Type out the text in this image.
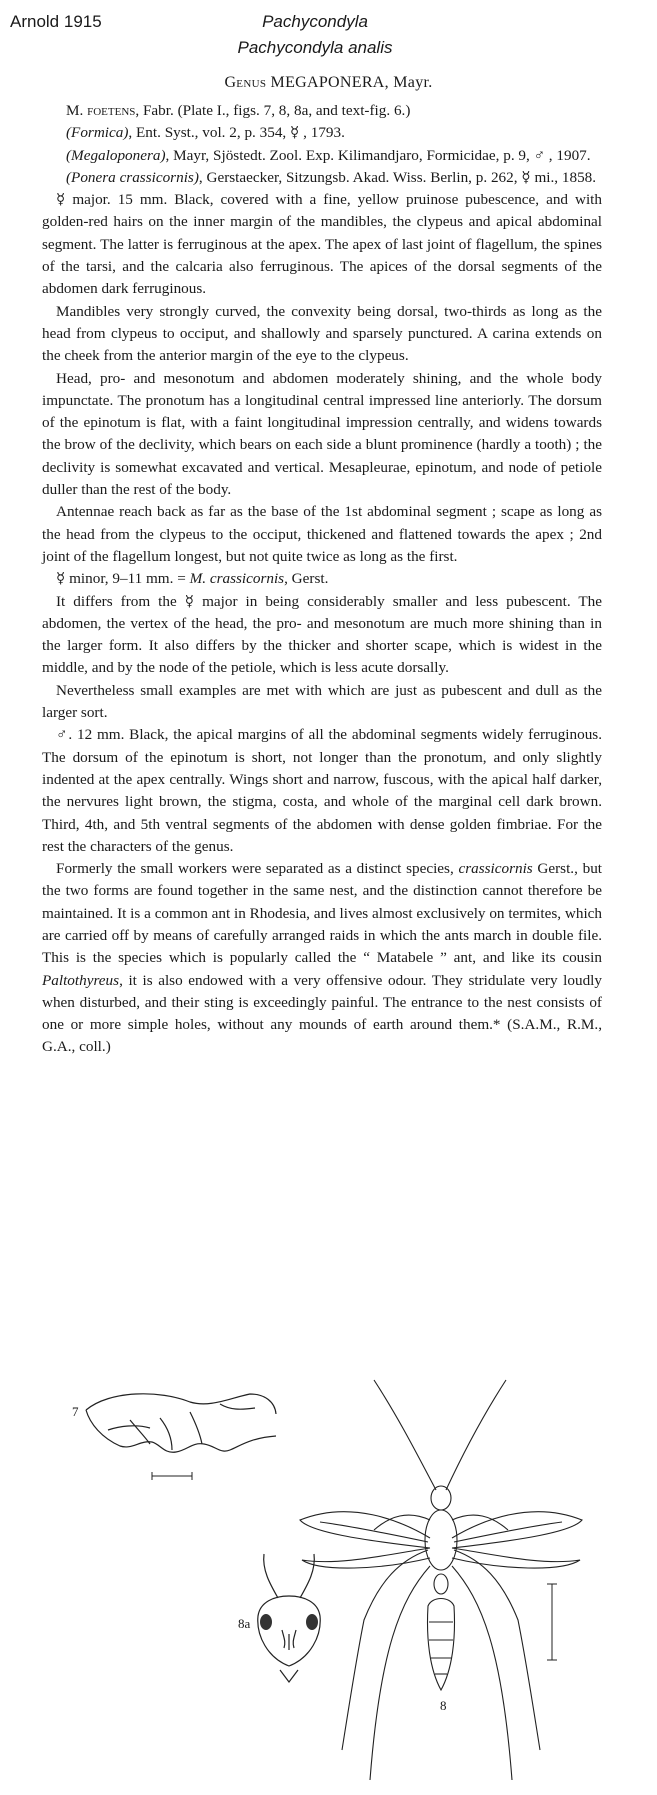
Arnold 1915	Pachycondyla
Pachycondyla analis
Genus MEGAPONERA, Mayr.

M. foetens, Fabr. (Plate I., figs. 7, 8, 8a, and text-fig. 6.)

(Formica), Ent. Syst., vol. 2, p. 354, ☿ , 1793.

(Megaloponera), Mayr, Sjöstedt. Zool. Exp. Kilimandjaro, Formicidae, p. 9, ♂ , 1907.

(Ponera crassicornis), Gerstaecker, Sitzungsb. Akad. Wiss. Berlin, p. 262, ☿ mi., 1858.

☿ major. 15 mm. Black, covered with a fine, yellow pruinose pubescence, and with golden-red hairs on the inner margin of the mandibles, the clypeus and apical abdominal segment. The latter is ferruginous at the apex. The apex of last joint of flagellum, the spines of the tarsi, and the calcaria also ferruginous. The apices of the dorsal segments of the abdomen dark ferruginous.

Mandibles very strongly curved, the convexity being dorsal, two-thirds as long as the head from clypeus to occiput, and shallowly and sparsely punctured. A carina extends on the cheek from the anterior margin of the eye to the clypeus.

Head, pro- and mesonotum and abdomen moderately shining, and the whole body impunctate. The pronotum has a longitudinal central impressed line anteriorly. The dorsum of the epinotum is flat, with a faint longitudinal impression centrally, and widens towards the brow of the declivity, which bears on each side a blunt prominence (hardly a tooth) ; the declivity is somewhat excavated and vertical. Mesapleurae, epinotum, and node of petiole duller than the rest of the body.

Antennae reach back as far as the base of the 1st abdominal segment ; scape as long as the head from the clypeus to the occiput, thickened and flattened towards the apex ; 2nd joint of the flagellum longest, but not quite twice as long as the first.

☿ minor, 9–11 mm. = M. crassicornis, Gerst.

It differs from the ☿ major in being considerably smaller and less pubescent. The abdomen, the vertex of the head, the pro- and mesonotum are much more shining than in the larger form. It also differs by the thicker and shorter scape, which is widest in the middle, and by the node of the petiole, which is less acute dorsally.

Nevertheless small examples are met with which are just as pubescent and dull as the larger sort.

♂. 12 mm. Black, the apical margins of all the abdominal segments widely ferruginous. The dorsum of the epinotum is short, not longer than the pronotum, and only slightly indented at the apex centrally. Wings short and narrow, fuscous, with the apical half darker, the nervures light brown, the stigma, costa, and whole of the marginal cell dark brown. Third, 4th, and 5th ventral segments of the abdomen with dense golden fimbriae. For the rest the characters of the genus.

Formerly the small workers were separated as a distinct species, crassicornis Gerst., but the two forms are found together in the same nest, and the distinction cannot therefore be maintained. It is a common ant in Rhodesia, and lives almost exclusively on termites, which are carried off by means of carefully arranged raids in which the ants march in double file. This is the species which is popularly called the “ Matabele ” ant, and like its cousin Paltothyreus, it is also endowed with a very offensive odour. They stridulate very loudly when disturbed, and their sting is exceedingly painful. The entrance to the nest consists of one or more simple holes, without any mounds of earth around them.* (S.A.M., R.M., G.A., coll.)

7
8a
8
